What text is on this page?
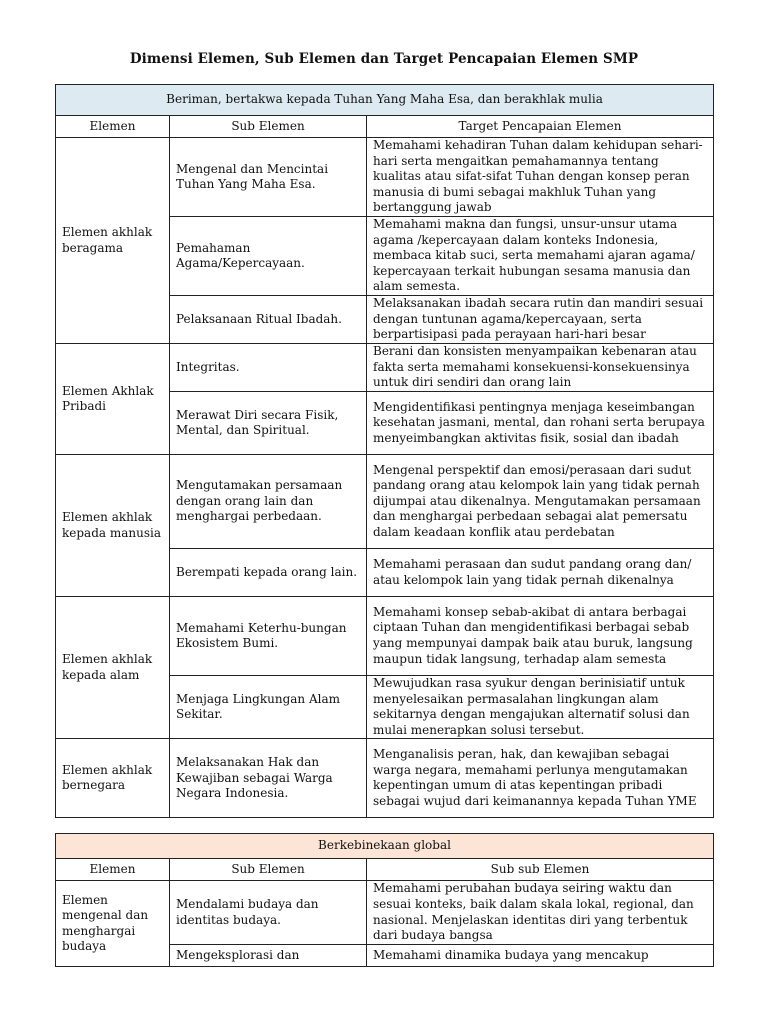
Dimensi Elemen, Sub Elemen dan Target Pencapaian Elemen SMP
Beriman, bertakwa kepada Tuhan Yang Maha Esa, dan berakhlak mulia		
Elemen	Sub Elemen	Target Pencapaian Elemen
Elemen akhlak beragama	Mengenal dan Mencintai Tuhan Yang Maha Esa.	Memahami kehadiran Tuhan dalam kehidupan sehari-hari serta mengaitkan pemahamannya tentang kualitas atau sifat-sifat Tuhan dengan konsep peran manusia di bumi sebagai makhluk Tuhan yang bertanggung jawab
	Pemahaman Agama/Kepercayaan.	Memahami makna dan fungsi, unsur-unsur utama agama /kepercayaan dalam konteks Indonesia, membaca kitab suci, serta memahami ajaran agama/ kepercayaan terkait hubungan sesama manusia dan alam semesta.
	Pelaksanaan Ritual Ibadah.	Melaksanakan ibadah secara rutin dan mandiri sesuai dengan tuntunan agama/kepercayaan, serta berpartisipasi pada perayaan hari-hari besar
Elemen Akhlak Pribadi	Integritas.	Berani dan konsisten menyampaikan kebenaran atau fakta serta memahami konsekuensi-konsekuensinya untuk diri sendiri dan orang lain
	Merawat Diri secara Fisik, Mental, dan Spiritual.	Mengidentifikasi pentingnya menjaga keseimbangan kesehatan jasmani, mental, dan rohani serta berupaya menyeimbangkan aktivitas fisik, sosial dan ibadah
Elemen akhlak kepada manusia	Mengutamakan persamaan dengan orang lain dan menghargai perbedaan.	Mengenal perspektif dan emosi/perasaan dari sudut pandang orang atau kelompok lain yang tidak pernah dijumpai atau dikenalnya. Mengutamakan persamaan dan menghargai perbedaan sebagai alat pemersatu dalam keadaan konflik atau perdebatan
	Berempati kepada orang lain.	Memahami perasaan dan sudut pandang orang dan/ atau kelompok lain yang tidak pernah dikenalnya
Elemen akhlak kepada alam	Memahami Keterhu-bungan Ekosistem Bumi.	Memahami konsep sebab-akibat di antara berbagai ciptaan Tuhan dan mengidentifikasi berbagai sebab yang mempunyai dampak baik atau buruk, langsung maupun tidak langsung, terhadap alam semesta
	Menjaga Lingkungan Alam Sekitar.	Mewujudkan rasa syukur dengan berinisiatif untuk menyelesaikan permasalahan lingkungan alam sekitarnya dengan mengajukan alternatif solusi dan mulai menerapkan solusi tersebut.
Elemen akhlak bernegara	Melaksanakan Hak dan Kewajiban sebagai Warga Negara Indonesia.	Menganalisis peran, hak, dan kewajiban sebagai warga negara, memahami perlunya mengutamakan kepentingan umum di atas kepentingan pribadi sebagai wujud dari keimanannya kepada Tuhan YME
Berkebinekaan global		
Elemen	Sub Elemen	Sub sub Elemen
Elemen mengenal dan menghargai budaya	Mendalami budaya dan identitas budaya.	Memahami perubahan budaya seiring waktu dan sesuai konteks, baik dalam skala lokal, regional, dan nasional. Menjelaskan identitas diri yang terbentuk dari budaya bangsa
	Mengeksplorasi dan	Memahami dinamika budaya yang mencakup
